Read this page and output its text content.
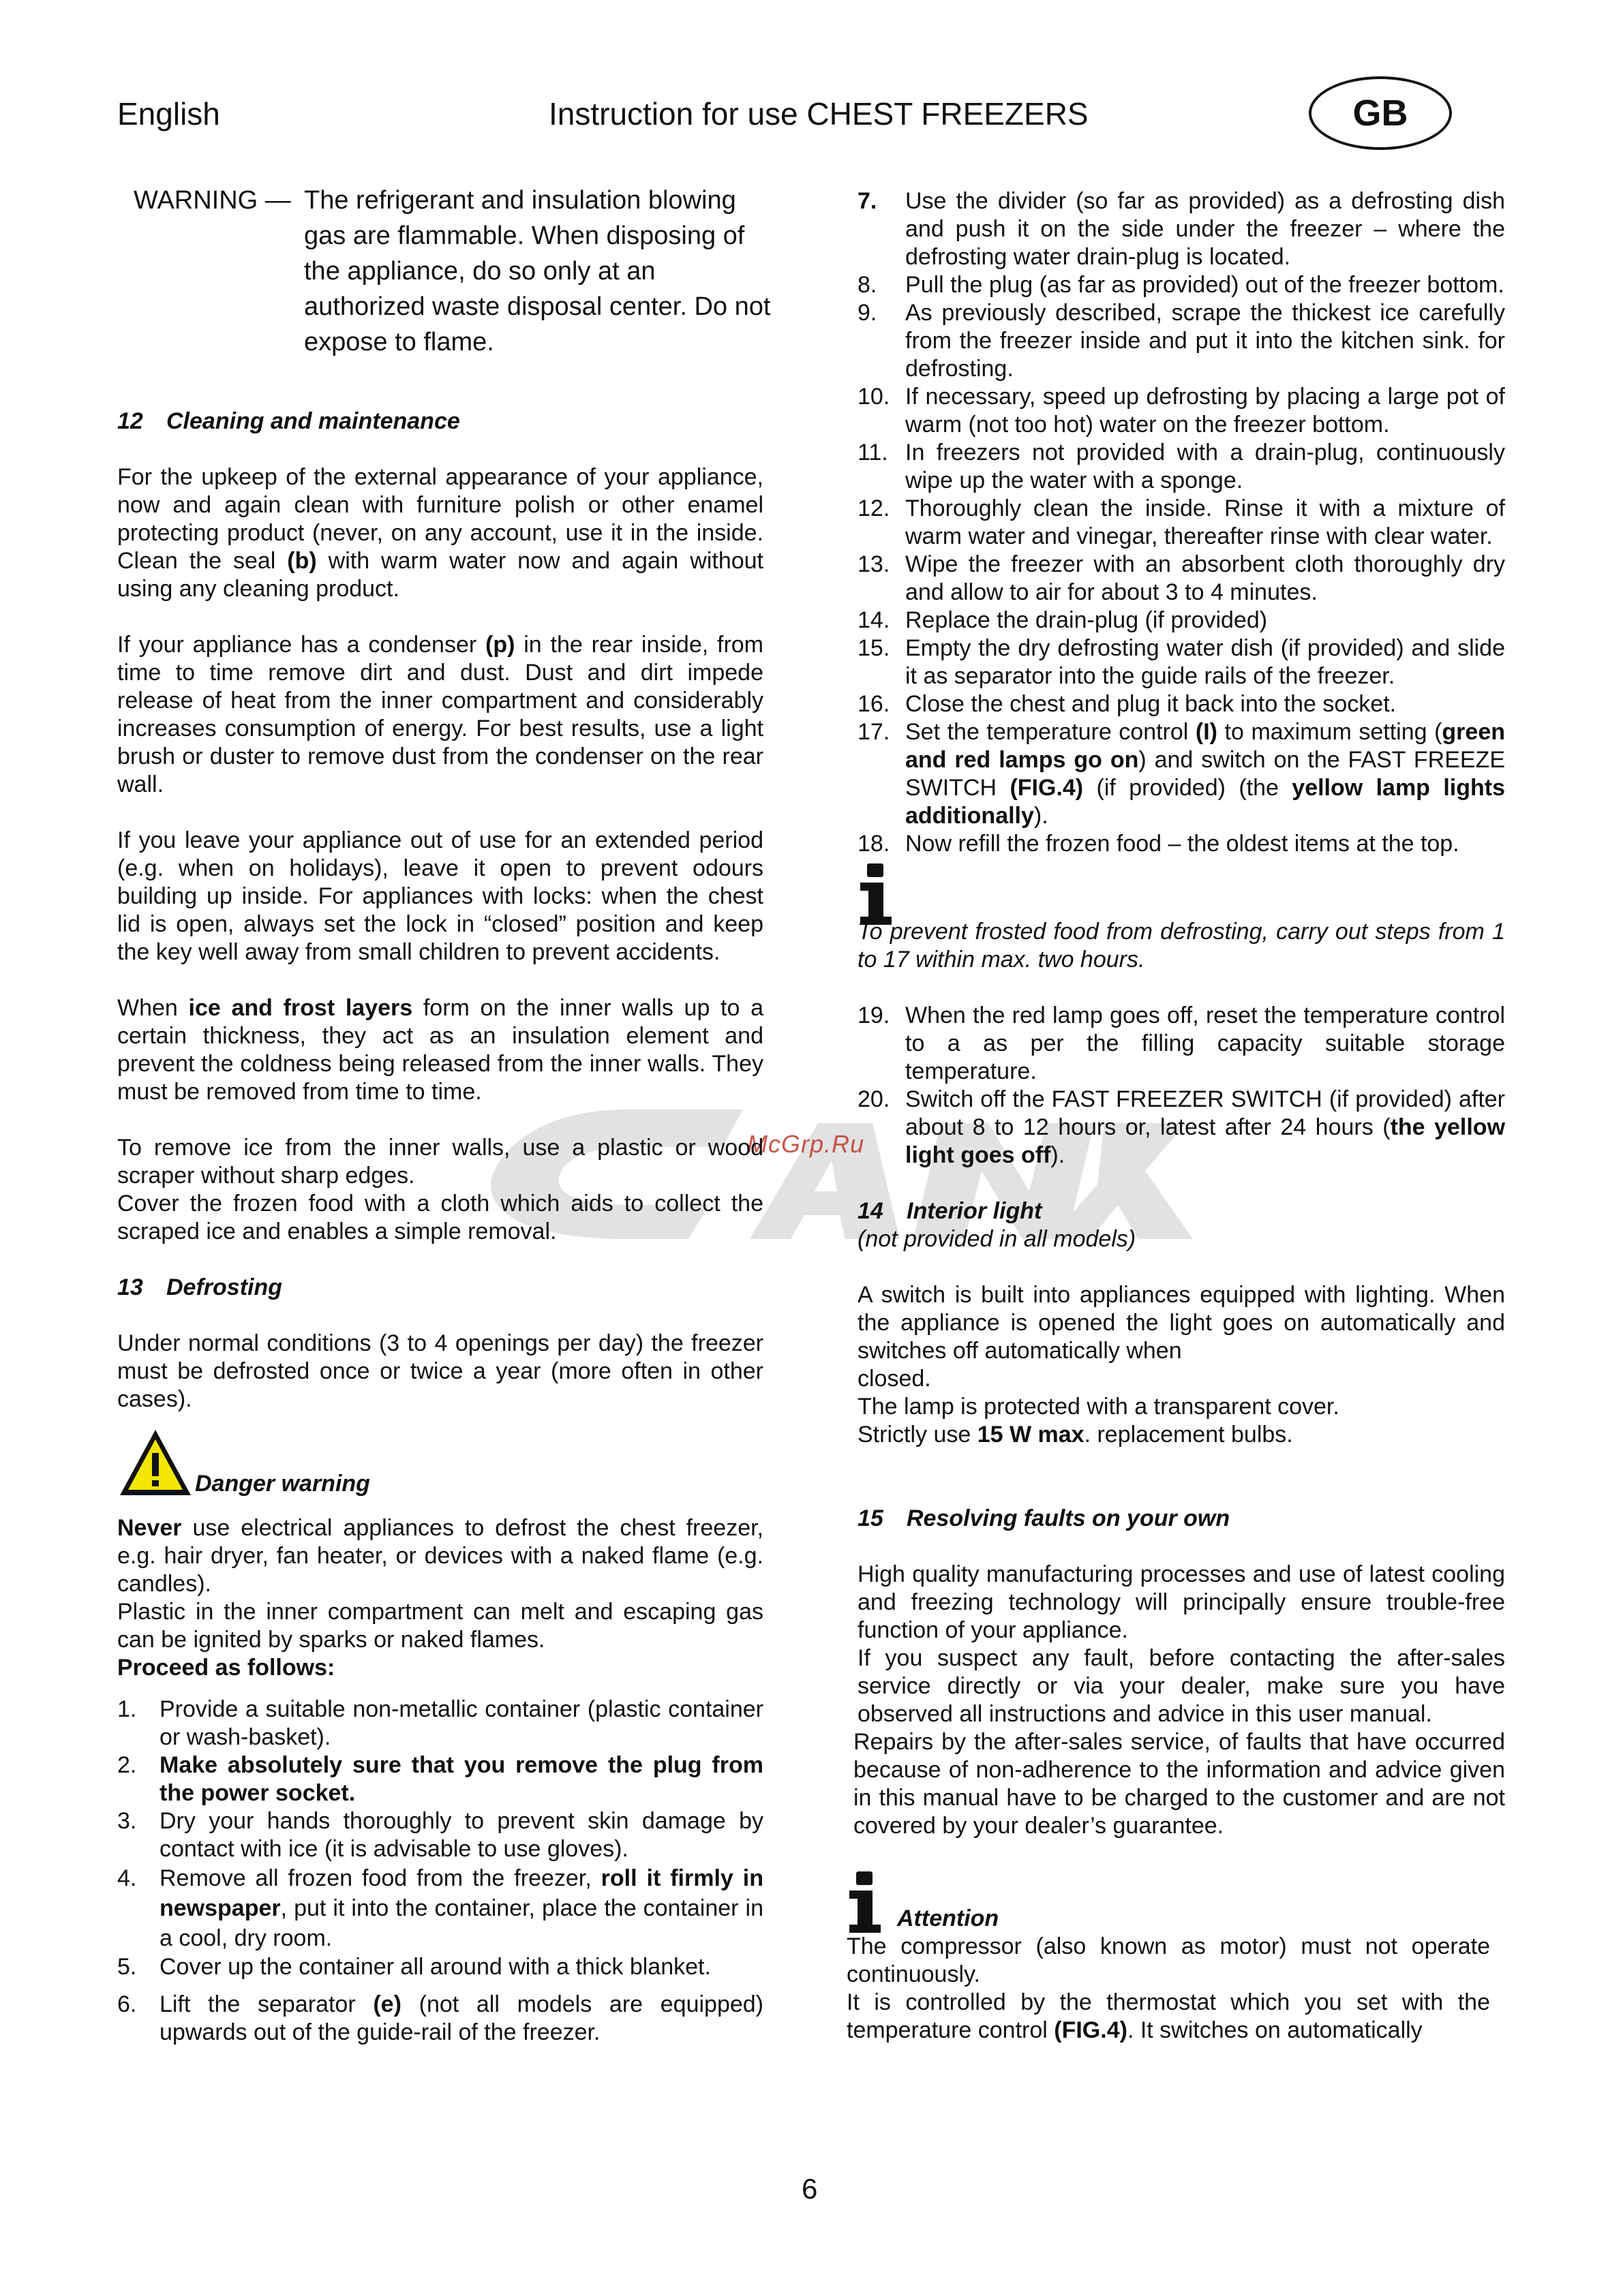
English	Instruction for use CHEST FREEZERS	GB
McGrp.Ru
WARNING — The refrigerant and insulation blowing gas are flammable. When disposing of the appliance, do so only at an authorized waste disposal center. Do not expose to flame.
12 Cleaning and maintenance

For the upkeep of the external appearance of your appliance, now and again clean with furniture polish or other enamel protecting product (never, on any account, use it in the inside. Clean the seal (b) with warm water now and again without using any cleaning product.

If your appliance has a condenser (p) in the rear inside, from time to time remove dirt and dust. Dust and dirt impede release of heat from the inner compartment and considerably increases consumption of energy. For best results, use a light brush or duster to remove dust from the condenser on the rear wall.

If you leave your appliance out of use for an extended period (e.g. when on holidays), leave it open to prevent odours building up inside. For appliances with locks: when the chest lid is open, always set the lock in “closed” position and keep the key well away from small children to prevent accidents.

When ice and frost layers form on the inner walls up to a certain thickness, they act as an insulation element and prevent the coldness being released from the inner walls. They must be removed from time to time.

To remove ice from the inner walls, use a plastic or wood scraper without sharp edges.

Cover the frozen food with a cloth which aids to collect the scraped ice and enables a simple removal.

13 Defrosting

Under normal conditions (3 to 4 openings per day) the freezer must be defrosted once or twice a year (more often in other cases).

Danger warning

Never use electrical appliances to defrost the chest freezer, e.g. hair dryer, fan heater, or devices with a naked flame (e.g. candles).

Plastic in the inner compartment can melt and escaping gas can be ignited by sparks or naked flames.

Proceed as follows:

1. Provide a suitable non-metallic container (plastic container or wash-basket).
2. Make absolutely sure that you remove the plug from the power socket.
3. Dry your hands thoroughly to prevent skin damage by contact with ice (it is advisable to use gloves).
4. Remove all frozen food from the freezer, roll it firmly in newspaper, put it into the container, place the container in a cool, dry room.
5. Cover up the container all around with a thick blanket.
6. Lift the separator (e) (not all models are equipped) upwards out of the guide-rail of the freezer.
7. Use the divider (so far as provided) as a defrosting dish and push it on the side under the freezer – where the defrosting water drain-plug is located.
8. Pull the plug (as far as provided) out of the freezer bottom.
9. As previously described, scrape the thickest ice carefully from the freezer inside and put it into the kitchen sink. for defrosting.
10. If necessary, speed up defrosting by placing a large pot of warm (not too hot) water on the freezer bottom.
11. In freezers not provided with a drain-plug, continuously wipe up the water with a sponge.
12. Thoroughly clean the inside. Rinse it with a mixture of warm water and vinegar, thereafter rinse with clear water.
13. Wipe the freezer with an absorbent cloth thoroughly dry and allow to air for about 3 to 4 minutes.
14. Replace the drain-plug (if provided)
15. Empty the dry defrosting water dish (if provided) and slide it as separator into the guide rails of the freezer.
16. Close the chest and plug it back into the socket.
17. Set the temperature control (I) to maximum setting (green and red lamps go on) and switch on the FAST FREEZE SWITCH (FIG.4) (if provided) (the yellow lamp lights additionally).
18. Now refill the frozen food – the oldest items at the top.

To prevent frosted food from defrosting, carry out steps from 1 to 17 within max. two hours.

19. When the red lamp goes off, reset the temperature control to a as per the filling capacity suitable storage temperature.
20. Switch off the FAST FREEZER SWITCH (if provided) after about 8 to 12 hours or, latest after 24 hours (the yellow light goes off).
14 Interior light

(not provided in all models)

A switch is built into appliances equipped with lighting. When the appliance is opened the light goes on automatically and switches off automatically when

closed.

The lamp is protected with a transparent cover.

Strictly use 15 W max. replacement bulbs.

15 Resolving faults on your own

High quality manufacturing processes and use of latest cooling and freezing technology will principally ensure trouble-free function of your appliance.

If you suspect any fault, before contacting the after-sales service directly or via your dealer, make sure you have observed all instructions and advice in this user manual.

Repairs by the after-sales service, of faults that have occurred because of non-adherence to the information and advice given in this manual have to be charged to the customer and are not covered by your dealer’s guarantee.

Attention

The compressor (also known as motor) must not operate continuously.

It is controlled by the thermostat which you set with the temperature control (FIG.4). It switches on automatically

6
